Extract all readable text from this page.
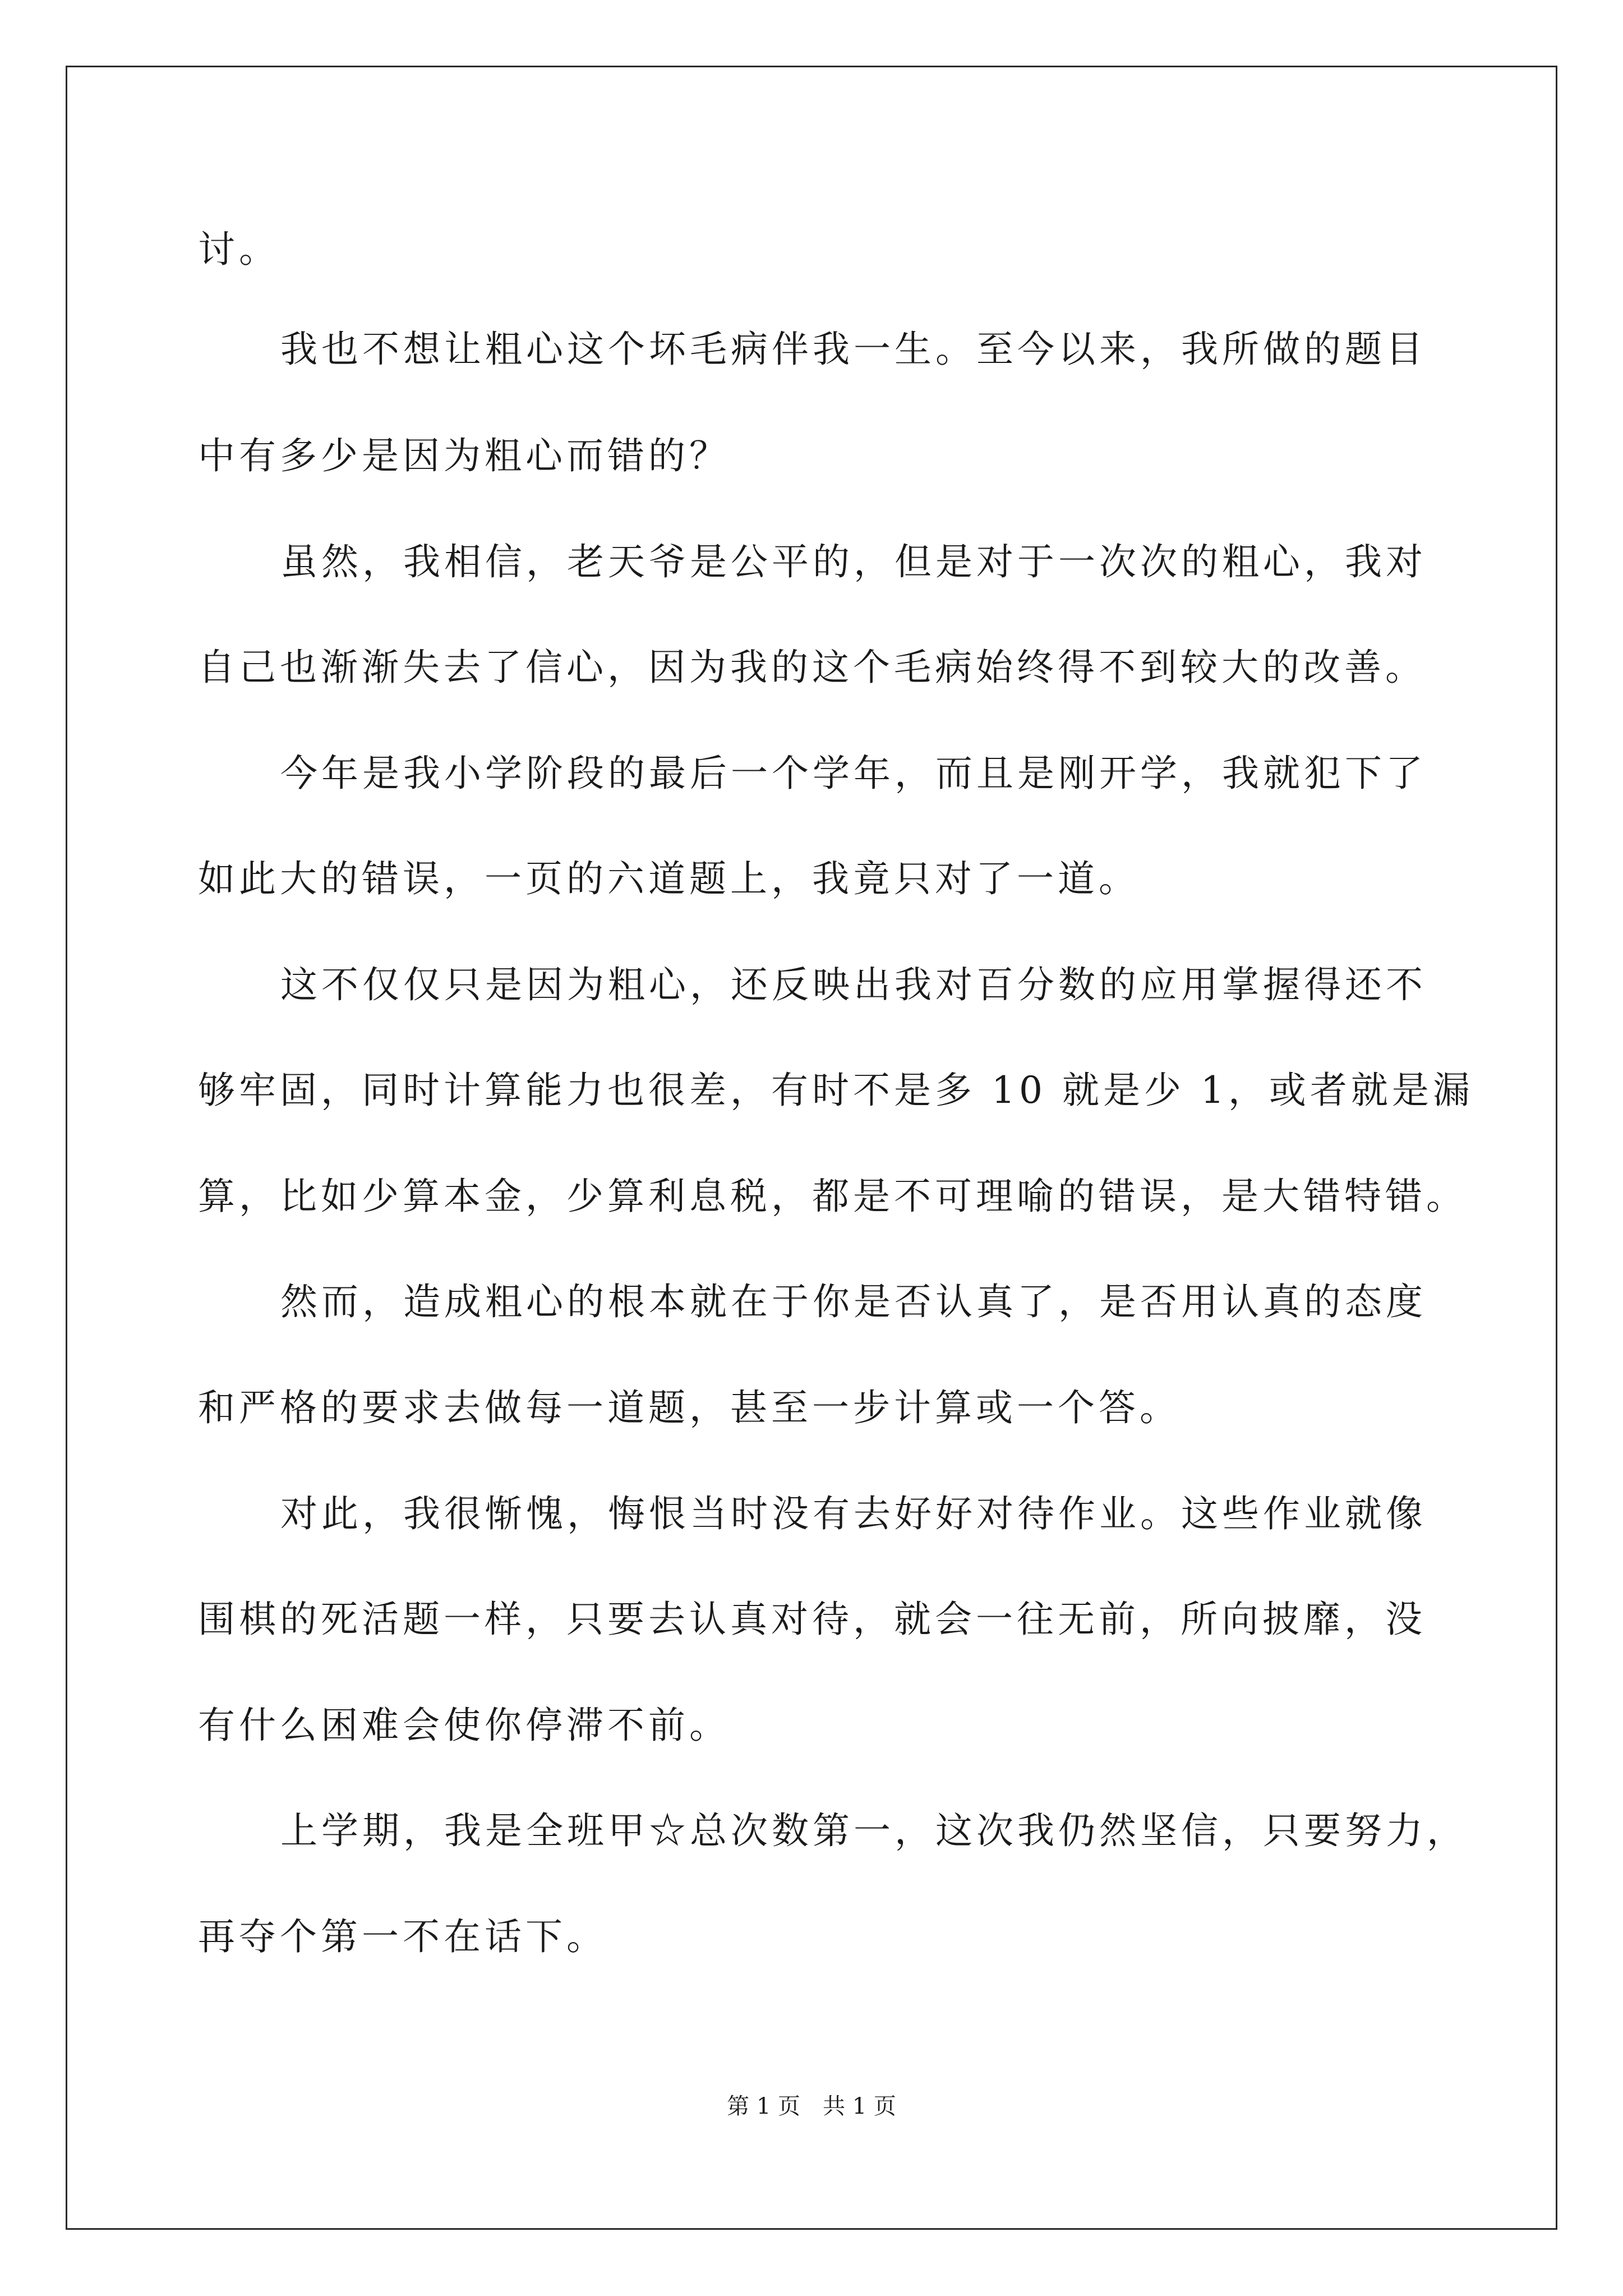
讨。
我也不想让粗心这个坏毛病伴我一生。至今以来，我所做的题目
中有多少是因为粗心而错的？
虽然，我相信，老天爷是公平的，但是对于一次次的粗心，我对
自己也渐渐失去了信心，因为我的这个毛病始终得不到较大的改善。
今年是我小学阶段的最后一个学年，而且是刚开学，我就犯下了
如此大的错误，一页的六道题上，我竟只对了一道。
这不仅仅只是因为粗心，还反映出我对百分数的应用掌握得还不
够牢固，同时计算能力也很差，有时不是多 10 就是少 1，或者就是漏
算，比如少算本金，少算利息税，都是不可理喻的错误，是大错特错。
然而，造成粗心的根本就在于你是否认真了，是否用认真的态度
和严格的要求去做每一道题，甚至一步计算或一个答。
对此，我很惭愧，悔恨当时没有去好好对待作业。这些作业就像
围棋的死活题一样，只要去认真对待，就会一往无前，所向披靡，没
有什么困难会使你停滞不前。
上学期，我是全班甲☆总次数第一，这次我仍然坚信，只要努力，
再夺个第一不在话下。
第 1 页　共 1 页
